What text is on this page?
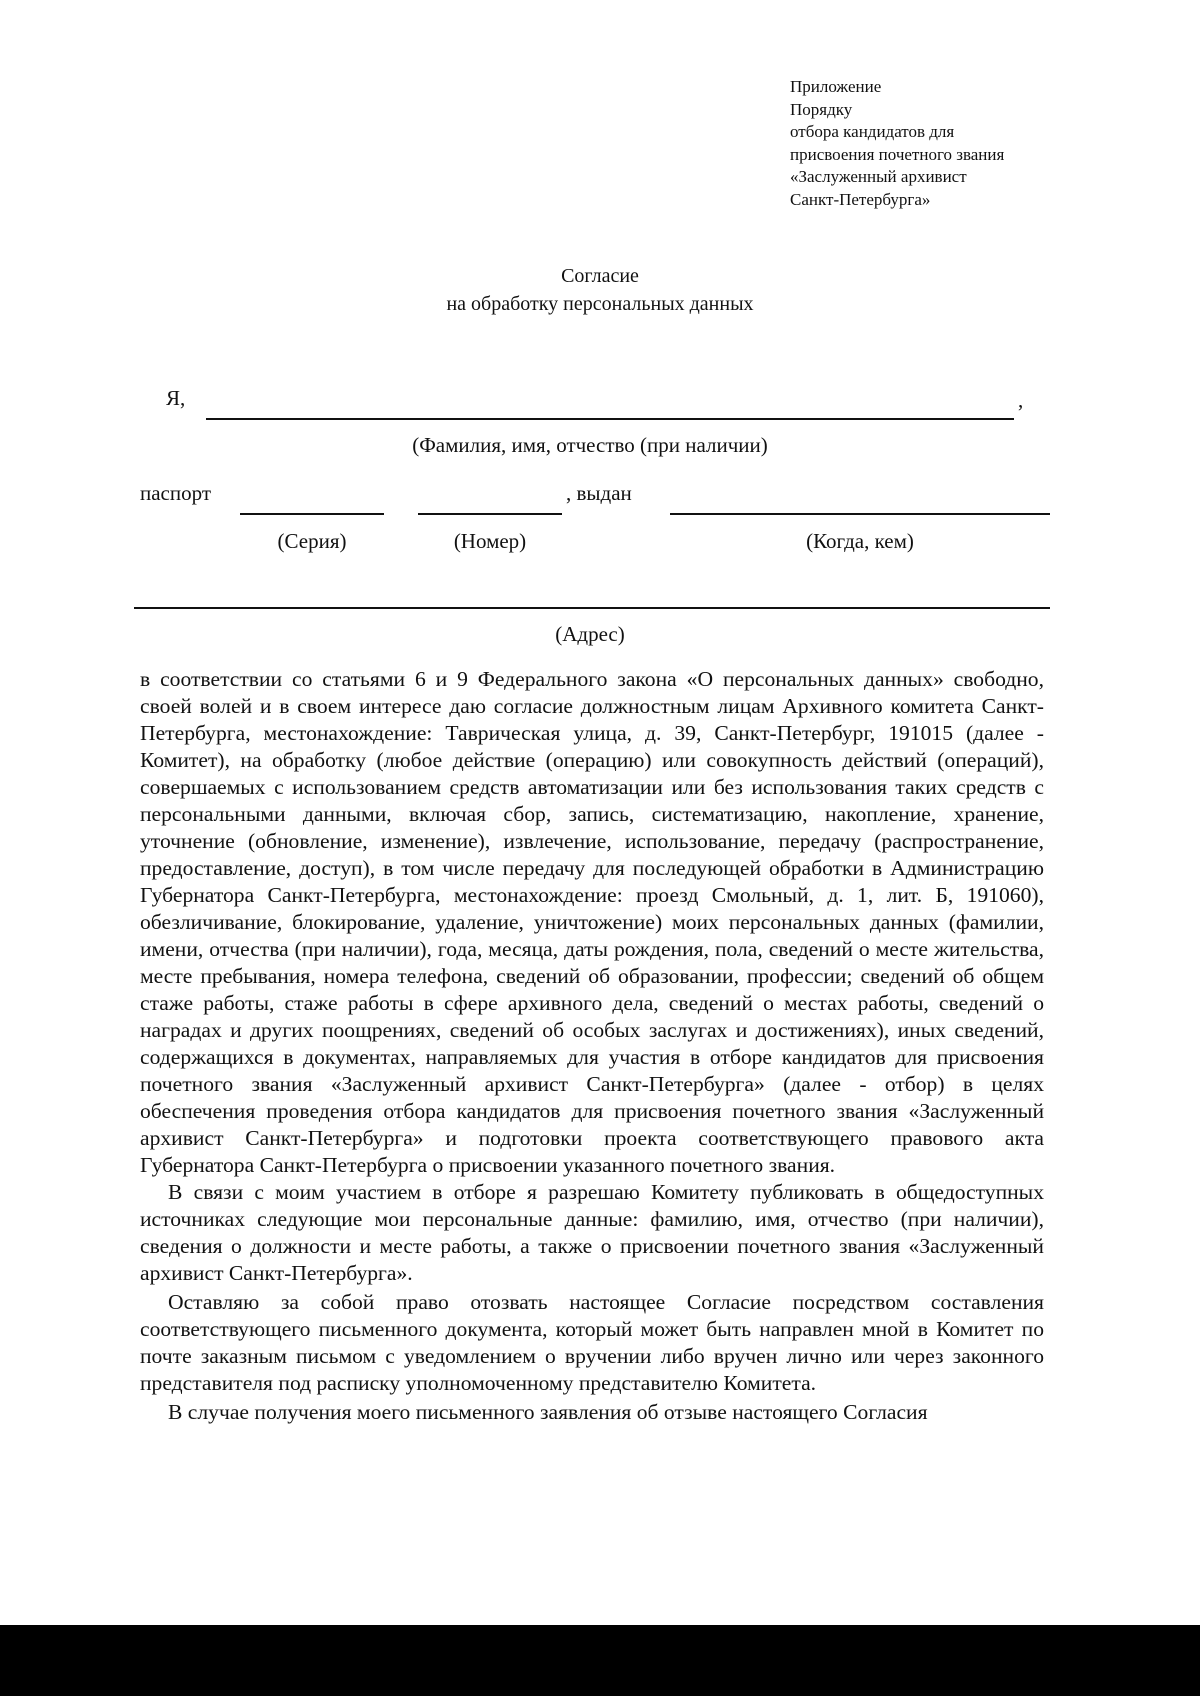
Приложение
Порядку
отбора кандидатов для
присвоения почетного звания
«Заслуженный архивист
Санкт-Петербурга»
Согласие
на обработку персональных данных
Я,	,
(Фамилия, имя, отчество (при наличии)
паспорт	, выдан
(Серия)	(Номер)	(Когда, кем)
(Адрес)

в соответствии со статьями 6 и 9 Федерального закона «О персональных данных» свободно, своей волей и в своем интересе даю согласие должностным лицам Архивного комитета Санкт-Петербурга, местонахождение: Таврическая улица, д. 39, Санкт-Петербург, 191015 (далее - Комитет), на обработку (любое действие (операцию) или совокупность действий (операций), совершаемых с использованием средств автоматизации или без использования таких средств с персональными данными, включая сбор, запись, систематизацию, накопление, хранение, уточнение (обновление, изменение), извлечение, использование, передачу (распространение, предоставление, доступ), в том числе передачу для последующей обработки в Администрацию Губернатора Санкт-Петербурга, местонахождение: проезд Смольный, д. 1, лит. Б, 191060), обезличивание, блокирование, удаление, уничтожение) моих персональных данных (фамилии, имени, отчества (при наличии), года, месяца, даты рождения, пола, сведений о месте жительства, месте пребывания, номера телефона, сведений об образовании, профессии; сведений об общем стаже работы, стаже работы в сфере архивного дела, сведений о местах работы, сведений о наградах и других поощрениях, сведений об особых заслугах и достижениях), иных сведений, содержащихся в документах, направляемых для участия в отборе кандидатов для присвоения почетного звания «Заслуженный архивист Санкт-Петербурга» (далее - отбор) в целях обеспечения проведения отбора кандидатов для присвоения почетного звания «Заслуженный архивист Санкт-Петербурга» и подготовки проекта соответствующего правового акта Губернатора Санкт-Петербурга о присвоении указанного почетного звания.

В связи с моим участием в отборе я разрешаю Комитету публиковать в общедоступных источниках следующие мои персональные данные: фамилию, имя, отчество (при наличии), сведения о должности и месте работы, а также о присвоении почетного звания «Заслуженный архивист Санкт-Петербурга».

Оставляю за собой право отозвать настоящее Согласие посредством составления соответствующего письменного документа, который может быть направлен мной в Комитет по почте заказным письмом с уведомлением о вручении либо вручен лично или через законного представителя под расписку уполномоченному представителю Комитета.

В случае получения моего письменного заявления об отзыве настоящего Согласия
